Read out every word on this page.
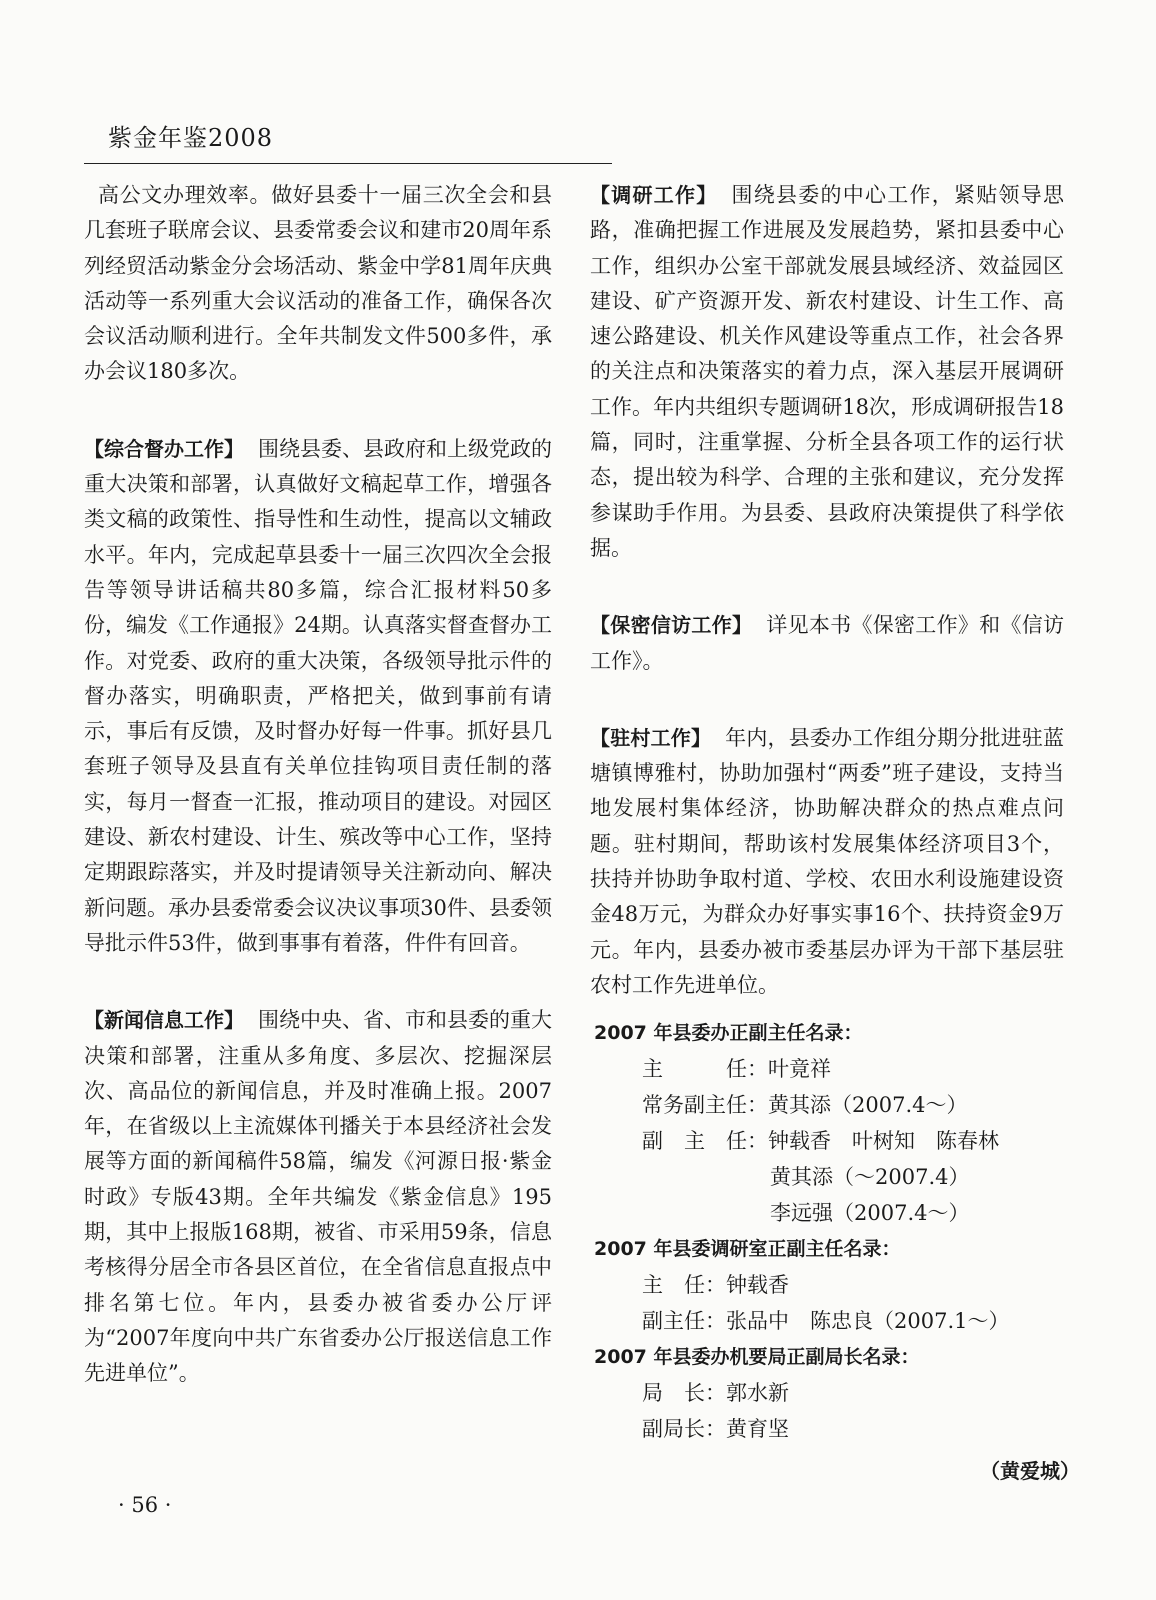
紫金年鉴2008

高公文办理效率。做好县委十一届三次全会和县几套班子联席会议、县委常委会议和建市20周年系列经贸活动紫金分会场活动、紫金中学81周年庆典活动等一系列重大会议活动的准备工作，确保各次会议活动顺利进行。全年共制发文件500多件，承办会议180多次。

【综合督办工作】 围绕县委、县政府和上级党政的重大决策和部署，认真做好文稿起草工作，增强各类文稿的政策性、指导性和生动性，提高以文辅政水平。年内，完成起草县委十一届三次四次全会报告等领导讲话稿共80多篇，综合汇报材料50多份，编发《工作通报》24期。认真落实督查督办工作。对党委、政府的重大决策，各级领导批示件的督办落实，明确职责，严格把关，做到事前有请示，事后有反馈，及时督办好每一件事。抓好县几套班子领导及县直有关单位挂钩项目责任制的落实，每月一督查一汇报，推动项目的建设。对园区建设、新农村建设、计生、殡改等中心工作，坚持定期跟踪落实，并及时提请领导关注新动向、解决新问题。承办县委常委会议决议事项30件、县委领导批示件53件，做到事事有着落，件件有回音。

【新闻信息工作】 围绕中央、省、市和县委的重大决策和部署，注重从多角度、多层次、挖掘深层次、高品位的新闻信息，并及时准确上报。2007年，在省级以上主流媒体刊播关于本县经济社会发展等方面的新闻稿件58篇，编发《河源日报·紫金时政》专版43期。全年共编发《紫金信息》195期，其中上报版168期，被省、市采用59条，信息考核得分居全市各县区首位，在全省信息直报点中排名第七位。年内，县委办被省委办公厅评为“2007年度向中共广东省委办公厅报送信息工作先进单位”。

【调研工作】 围绕县委的中心工作，紧贴领导思路，准确把握工作进展及发展趋势，紧扣县委中心工作，组织办公室干部就发展县域经济、效益园区建设、矿产资源开发、新农村建设、计生工作、高速公路建设、机关作风建设等重点工作，社会各界的关注点和决策落实的着力点，深入基层开展调研工作。年内共组织专题调研18次，形成调研报告18篇，同时，注重掌握、分析全县各项工作的运行状态，提出较为科学、合理的主张和建议，充分发挥参谋助手作用。为县委、县政府决策提供了科学依据。

【保密信访工作】 详见本书《保密工作》和《信访工作》。

【驻村工作】 年内，县委办工作组分期分批进驻蓝塘镇博雅村，协助加强村“两委”班子建设，支持当地发展村集体经济，协助解决群众的热点难点问题。驻村期间，帮助该村发展集体经济项目3个，扶持并协助争取村道、学校、农田水利设施建设资金48万元，为群众办好事实事16个、扶持资金9万元。年内，县委办被市委基层办评为干部下基层驻农村工作先进单位。

2007 年县委办正副主任名录：
主　　　任：叶竟祥
常务副主任：黄其添（2007.4～）
副　主　任：钟载香　叶树知　陈春林
黄其添（～2007.4）
李远强（2007.4～）
2007 年县委调研室正副主任名录：
主　任：钟载香
副主任：张品中　陈忠良（2007.1～）
2007 年县委办机要局正副局长名录：
局　长：郭水新
副局长：黄育坚
（黄爱城）
· 56 ·
